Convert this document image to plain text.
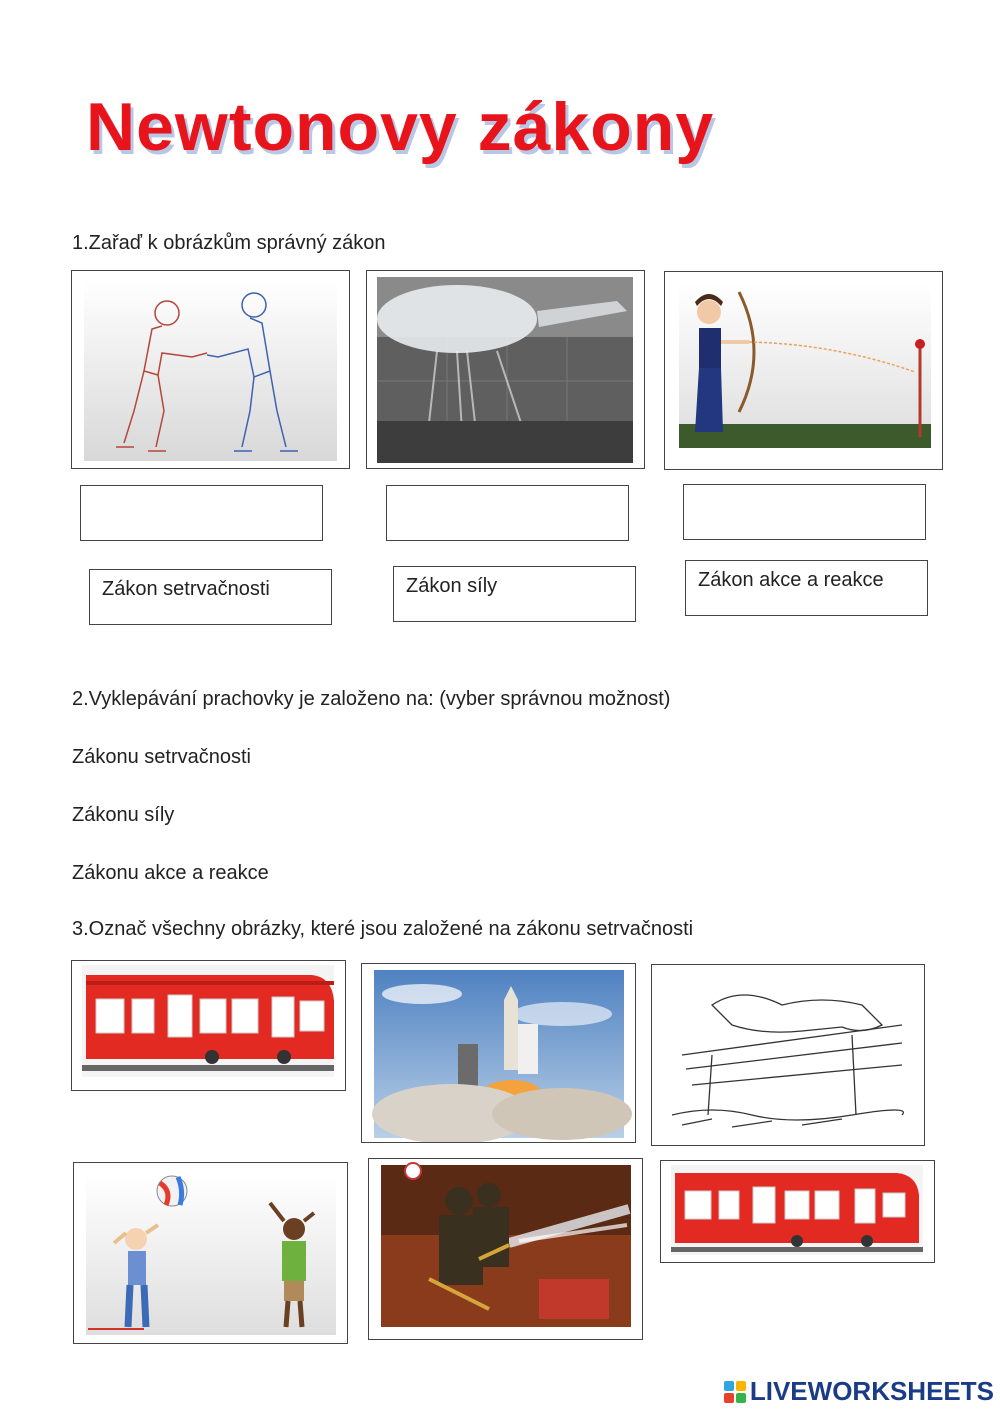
Newtonovy zákony
1.Zařaď k obrázkům správný zákon
Zákon setrvačnosti	Zákon síly	Zákon akce a reakce
2.Vyklepávání prachovky je založeno na: (vyber správnou možnost)
Zákonu setrvačnosti
Zákonu síly
Zákonu akce a reakce
3.Označ všechny obrázky, které jsou založené na zákonu setrvačnosti
LIVEWORKSHEETS
